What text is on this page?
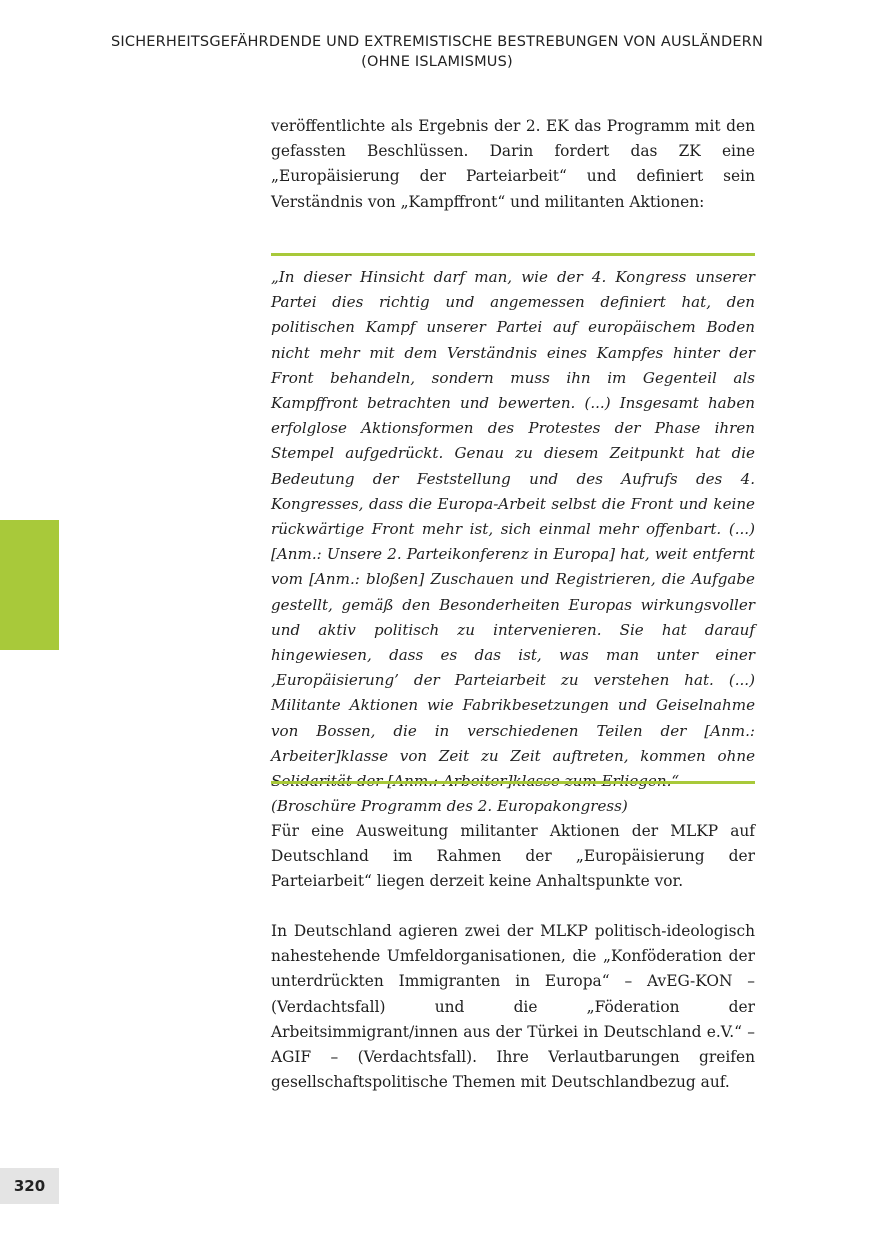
SICHERHEITSGEFÄHRDENDE UND EXTREMISTISCHE BESTREBUNGEN VON AUSLÄNDERN
(OHNE ISLAMISMUS)
veröffentlichte als Ergebnis der 2. EK das Programm mit den gefassten Beschlüssen. Darin fordert das ZK eine „Europäisierung der Parteiarbeit“ und definiert sein Verständnis von „Kampffront“ und militanten Aktionen:

„In dieser Hinsicht darf man, wie der 4. Kongress unserer Partei dies richtig und angemessen definiert hat, den politischen Kampf unserer Partei auf europäischem Boden nicht mehr mit dem Verständnis eines Kampfes hinter der Front behandeln, sondern muss ihn im Gegenteil als Kampffront betrachten und bewerten. (...) Insgesamt haben erfolglose Aktionsformen des Protestes der Phase ihren Stempel aufgedrückt. Genau zu diesem Zeitpunkt hat die Bedeutung der Feststellung und des Aufrufs des 4. Kongresses, dass die Europa-Arbeit selbst die Front und keine rückwärtige Front mehr ist, sich einmal mehr offenbart. (...) [Anm.: Unsere 2. Parteikonferenz in Europa] hat, weit entfernt vom [Anm.: bloßen] Zuschauen und Registrieren, die Aufgabe gestellt, gemäß den Besonderheiten Europas wirkungsvoller und aktiv politisch zu intervenieren. Sie hat darauf hingewiesen, dass es das ist, was man unter einer ‚Europäisierung’ der Parteiarbeit zu verstehen hat. (...) Militante Aktionen wie Fabrikbesetzungen und Geiselnahme von Bossen, die in verschiedenen Teilen der [Anm.: Arbeiter]klasse von Zeit zu Zeit auftreten, kommen ohne

(Broschüre Programm des 2. Europakongress)

Für eine Ausweitung militanter Aktionen der MLKP auf Deutschland im Rahmen der „Europäisierung der Parteiarbeit“ liegen derzeit keine Anhaltspunkte vor.
In Deutschland agieren zwei der MLKP politisch-ideologisch nahestehende Umfeldorganisationen, die „Konföderation der unterdrückten Immigranten in Europa“ – AvEG-KON – (Verdachtsfall) und die „Föderation der Arbeitsimmigrant/innen aus der Türkei in Deutschland e.V.“ – AGIF – (Verdachtsfall). Ihre Verlautbarungen greifen gesellschaftspolitische Themen mit Deutschlandbezug auf.
320
